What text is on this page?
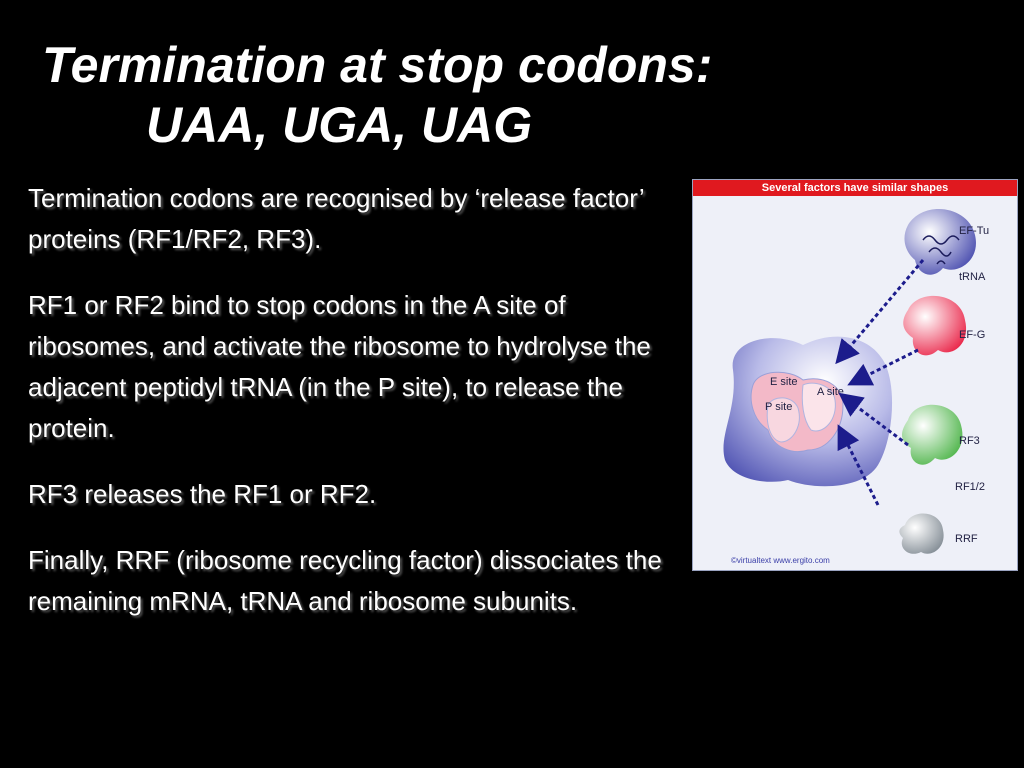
Termination at stop codons:
UAA, UGA, UAG

Termination codons are recognised by ‘release factor’ proteins (RF1/RF2, RF3).

RF1 or RF2 bind to stop codons in the A site of ribosomes, and activate the ribosome to hydrolyse the adjacent peptidyl tRNA (in the P site), to release the protein.

RF3 releases the RF1 or RF2.

Finally, RRF (ribosome recycling factor) dissociates the remaining mRNA, tRNA and ribosome subunits.

E site
P site
A site
EF-Tu
tRNA
EF-G
RF3
RF1/2
RRF
©virtualtext www.ergito.com
Several factors have similar shapes
